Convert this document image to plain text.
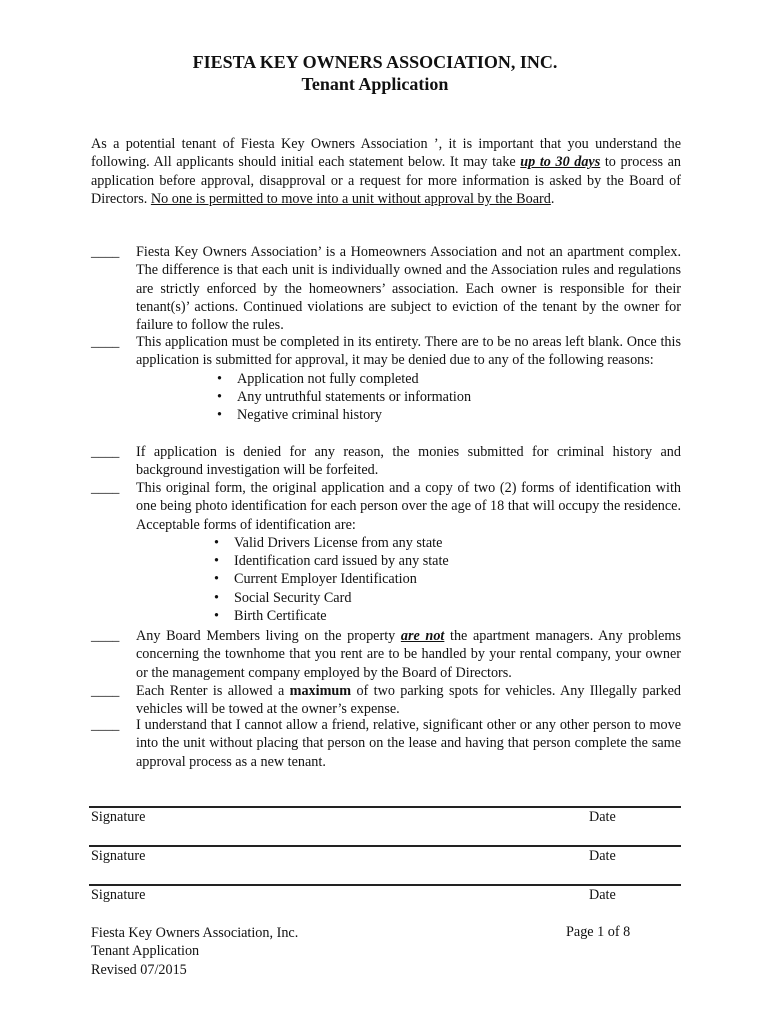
FIESTA KEY OWNERS ASSOCIATION, INC.
Tenant Application
As a potential tenant of Fiesta Key Owners Association ’, it is important that you understand the following. All applicants should initial each statement below. It may take up to 30 days to process an application before approval, disapproval or a request for more information is asked by the Board of Directors. No one is permitted to move into a unit without approval by the Board.
____	Fiesta Key Owners Association’ is a Homeowners Association and not an apartment complex. The difference is that each unit is individually owned and the Association rules and regulations are strictly enforced by the homeowners’ association. Each owner is responsible for their tenant(s)’ actions. Continued violations are subject to eviction of the tenant by the owner for failure to follow the rules.
____	This application must be completed in its entirety. There are to be no areas left blank. Once this application is submitted for approval, it may be denied due to any of the following reasons:
• Application not fully completed
• Any untruthful statements or information
• Negative criminal history
____	If application is denied for any reason, the monies submitted for criminal history and background investigation will be forfeited.
____	This original form, the original application and a copy of two (2) forms of identification with one being photo identification for each person over the age of 18 that will occupy the residence. Acceptable forms of identification are:
• Valid Drivers License from any state
• Identification card issued by any state
• Current Employer Identification
• Social Security Card
• Birth Certificate
____	Any Board Members living on the property are not the apartment managers. Any problems concerning the townhome that you rent are to be handled by your rental company, your owner or the management company employed by the Board of Directors.
____	Each Renter is allowed a maximum of two parking spots for vehicles. Any Illegally parked vehicles will be towed at the owner’s expense.
____	I understand that I cannot allow a friend, relative, significant other or any other person to move into the unit without placing that person on the lease and having that person complete the same approval process as a new tenant.
Signature	Date
Signature	Date
Signature	Date
Fiesta Key Owners Association, Inc.
Tenant Application
Revised 07/2015
Page 1 of 8
